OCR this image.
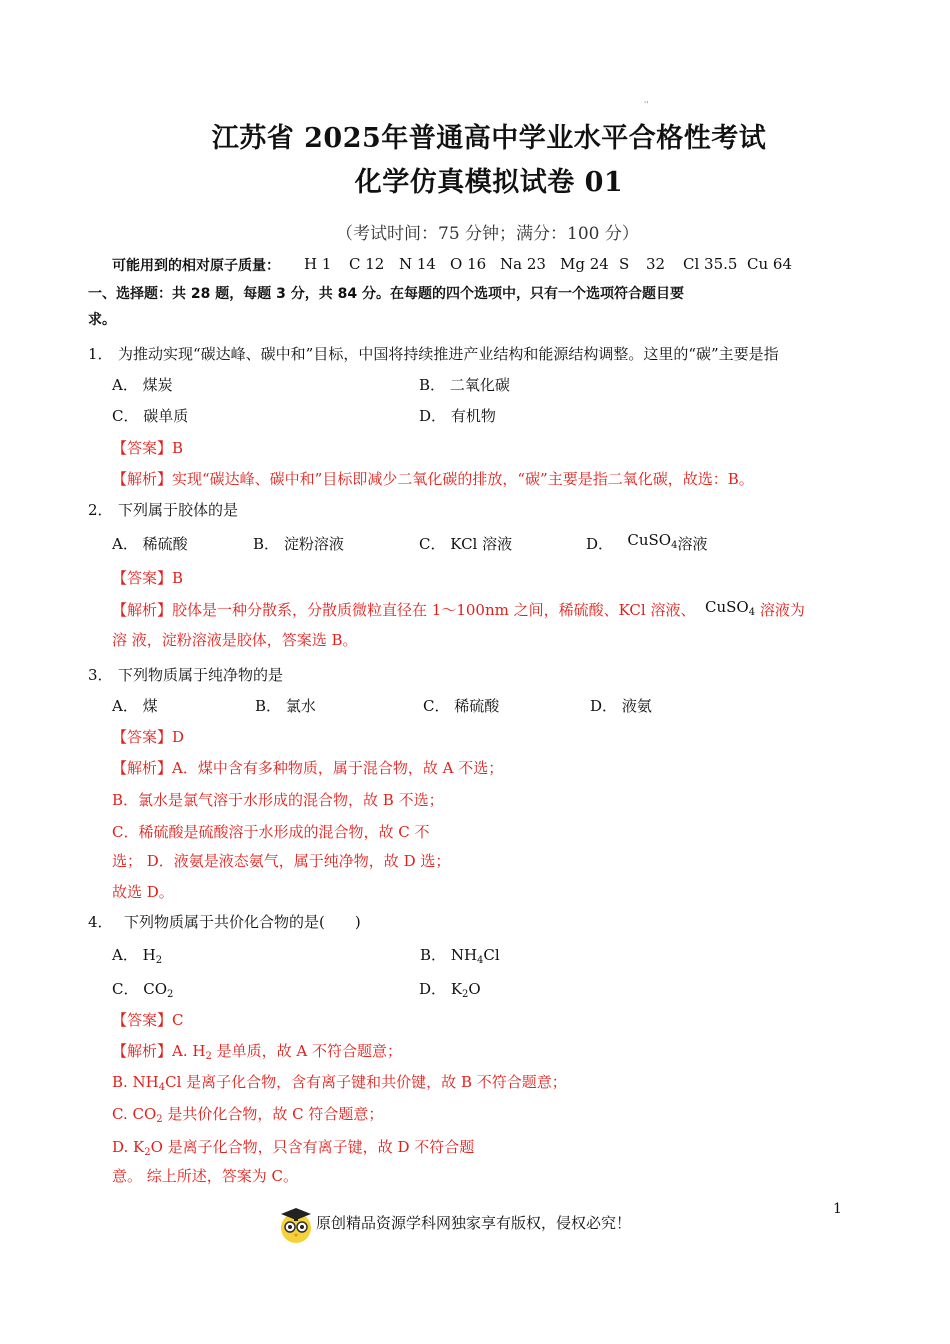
''
江苏省 2025年普通高中学业水平合格性考试
化学仿真模拟试卷 01
（考试时间：75 分钟；满分：100 分）
可能用到的相对原子质量： H 1 C 12 N 14 O 16 Na 23 Mg 24 S 32 Cl 35.5 Cu 64
一、选择题：共 28 题，每题 3 分，共 84 分。在每题的四个选项中，只有一个选项符合题目要
求。
1． 为推动实现“碳达峰、碳中和”目标，中国将持续推进产业结构和能源结构调整。这里的“碳”主要是指
A． 煤炭	B． 二氧化碳
C． 碳单质	D． 有机物
【答案】B
【解析】实现“碳达峰、碳中和”目标即减少二氧化碳的排放，“碳”主要是指二氧化碳，故选：B。
2． 下列属于胶体的是
A． 稀硫酸	B． 淀粉溶液	C． KCl 溶液	D． CuSO$_4$溶液
【答案】B
【解析】胶体是一种分散系，分散质微粒直径在 1～100nm 之间，稀硫酸、KCl 溶液、 CuSO$_4$ 溶液为
溶 液，淀粉溶液是胶体，答案选 B。
3． 下列物质属于纯净物的是
A． 煤	B． 氯水	C． 稀硫酸	D． 液氨
【答案】D
【解析】A．煤中含有多种物质，属于混合物，故 A 不选；
B．氯水是氯气溶于水形成的混合物，故 B 不选；
C．稀硫酸是硫酸溶于水形成的混合物，故 C 不
选； D．液氨是液态氨气，属于纯净物，故 D 选；
故选 D。
4． 下列物质属于共价化合物的是(　　)
A． $H_2$	B． $NH_4Cl$
C． $CO_2$	D． $K_2O$
【答案】C
【解析】A. $H_2$ 是单质，故 A 不符合题意；
B. $NH_4Cl$ 是离子化合物，含有离子键和共价键，故 B 不符合题意；
C. $CO_2$ 是共价化合物，故 C 符合题意；
D. $K_2O$ 是离子化合物，只含有离子键，故 D 不符合题
意。 综上所述，答案为 C。
原创精品资源学科网独家享有版权，侵权必究！
1
